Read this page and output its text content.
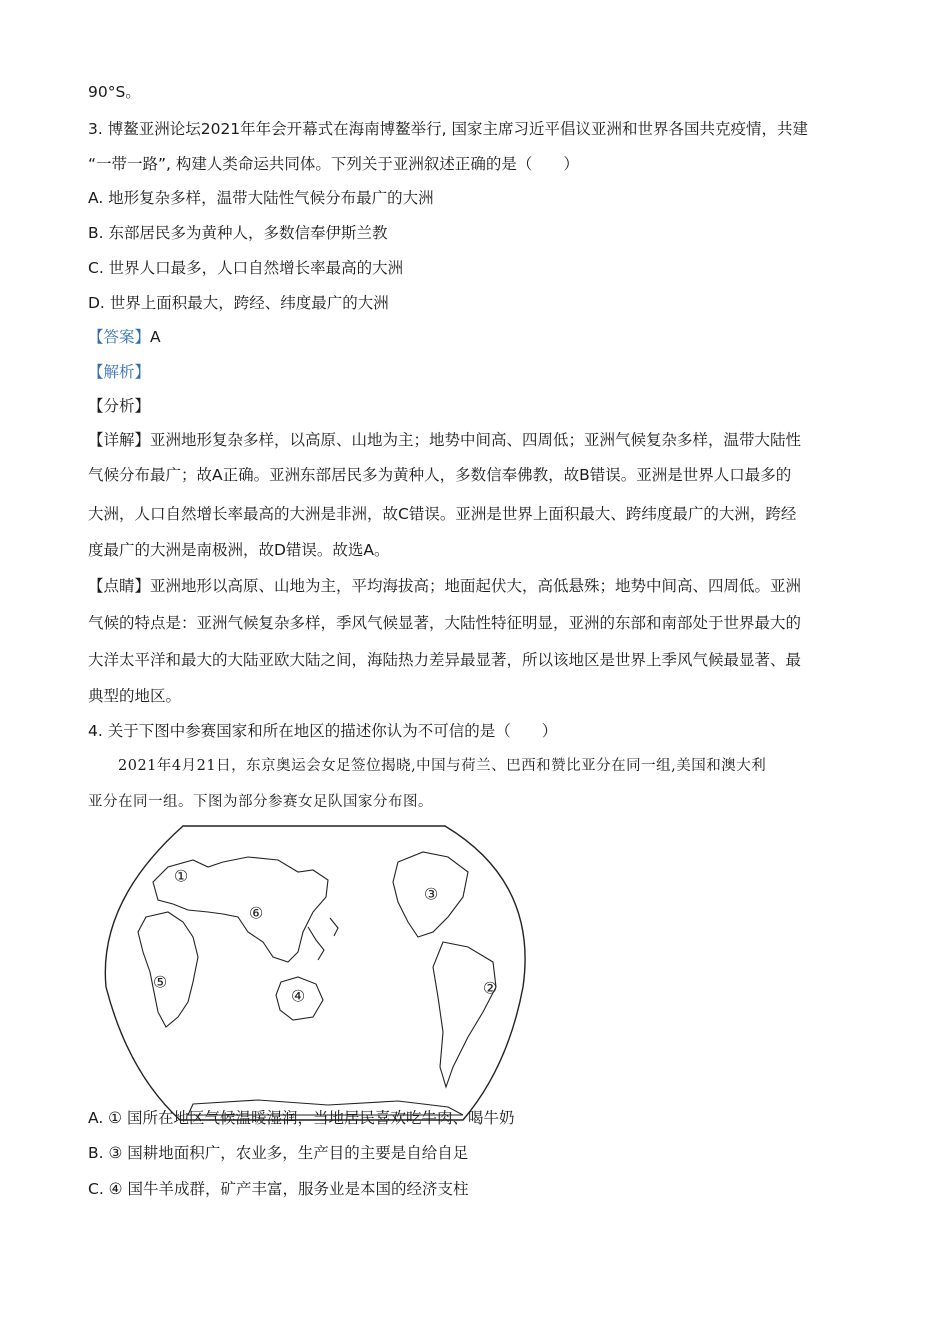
90°S。
3. 博鳌亚洲论坛2021年年会开幕式在海南博鳌举行, 国家主席习近平倡议亚洲和世界各国共克疫情，共建
“一带一路”, 构建人类命运共同体。下列关于亚洲叙述正确的是（　　）
A. 地形复杂多样，温带大陆性气候分布最广的大洲
B. 东部居民多为黄种人，多数信奉伊斯兰教
C. 世界人口最多，人口自然增长率最高的大洲
D. 世界上面积最大，跨经、纬度最广的大洲
【答案】A
【解析】
【分析】
【详解】亚洲地形复杂多样，以高原、山地为主；地势中间高、四周低；亚洲气候复杂多样，温带大陆性
气候分布最广；故A正确。亚洲东部居民多为黄种人，多数信奉佛教，故B错误。亚洲是世界人口最多的
大洲，人口自然增长率最高的大洲是非洲，故C错误。亚洲是世界上面积最大、跨纬度最广的大洲，跨经
度最广的大洲是南极洲，故D错误。故选A。
【点睛】亚洲地形以高原、山地为主，平均海拔高；地面起伏大，高低悬殊；地势中间高、四周低。亚洲
气候的特点是：亚洲气候复杂多样，季风气候显著，大陆性特征明显，亚洲的东部和南部处于世界最大的
大洋太平洋和最大的大陆亚欧大陆之间，海陆热力差异最显著，所以该地区是世界上季风气候最显著、最
典型的地区。
4. 关于下图中参赛国家和所在地区的描述你认为不可信的是（　　）
2021年4月21日，东京奥运会女足签位揭晓,中国与荷兰、巴西和赞比亚分在同一组,美国和澳大利
亚分在同一组。下图为部分参赛女足队国家分布图。
①
②
③
④
⑤
⑥
A. ① 国所在地区气候温暖湿润，当地居民喜欢吃牛肉、喝牛奶
B. ③ 国耕地面积广，农业多，生产目的主要是自给自足
C. ④ 国牛羊成群，矿产丰富，服务业是本国的经济支柱
